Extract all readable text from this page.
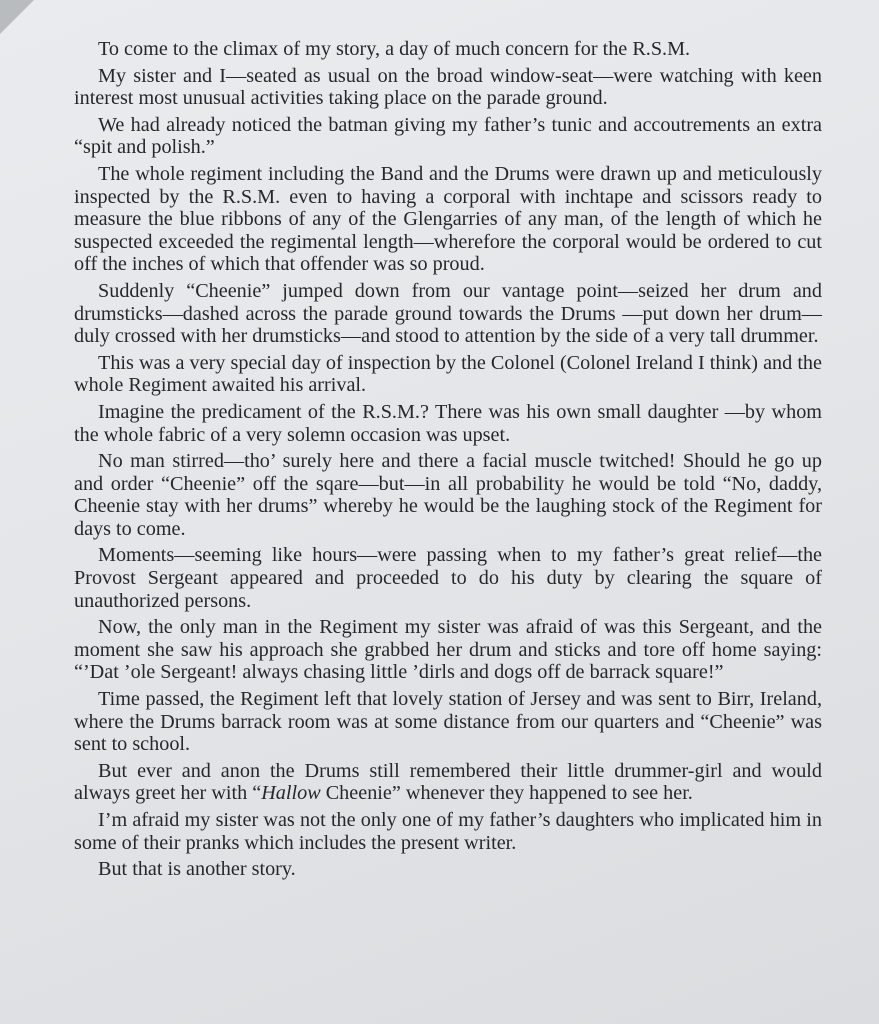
To come to the climax of my story, a day of much concern for the R.S.M.

My sister and I—seated as usual on the broad window-seat—were watching with keen interest most unusual activities taking place on the parade ground.

We had already noticed the batman giving my father’s tunic and accoutrements an extra “spit and polish.”

The whole regiment including the Band and the Drums were drawn up and meticulously inspected by the R.S.M. even to having a corporal with inchtape and scissors ready to measure the blue ribbons of any of the Glengarries of any man, of the length of which he suspected exceeded the regimental length—wherefore the corporal would be ordered to cut off the inches of which that offender was so proud.

Suddenly “Cheenie” jumped down from our vantage point—seized her drum and drumsticks—dashed across the parade ground towards the Drums —put down her drum—duly crossed with her drumsticks—and stood to attention by the side of a very tall drummer.

This was a very special day of inspection by the Colonel (Colonel Ireland I think) and the whole Regiment awaited his arrival.

Imagine the predicament of the R.S.M.? There was his own small daughter —by whom the whole fabric of a very solemn occasion was upset.

No man stirred—tho’ surely here and there a facial muscle twitched! Should he go up and order “Cheenie” off the sqare—but—in all probability he would be told “No, daddy, Cheenie stay with her drums” whereby he would be the laughing stock of the Regiment for days to come.

Moments—seeming like hours—were passing when to my father’s great relief—the Provost Sergeant appeared and proceeded to do his duty by clearing the square of unauthorized persons.

Now, the only man in the Regiment my sister was afraid of was this Sergeant, and the moment she saw his approach she grabbed her drum and sticks and tore off home saying: “’Dat ’ole Sergeant! always chasing little ’dirls and dogs off de barrack square!”

Time passed, the Regiment left that lovely station of Jersey and was sent to Birr, Ireland, where the Drums barrack room was at some distance from our quarters and “Cheenie” was sent to school.

But ever and anon the Drums still remembered their little drummer-girl and would always greet her with “Hallow Cheenie” whenever they happened to see her.

I’m afraid my sister was not the only one of my father’s daughters who implicated him in some of their pranks which includes the present writer.

But that is another story.
